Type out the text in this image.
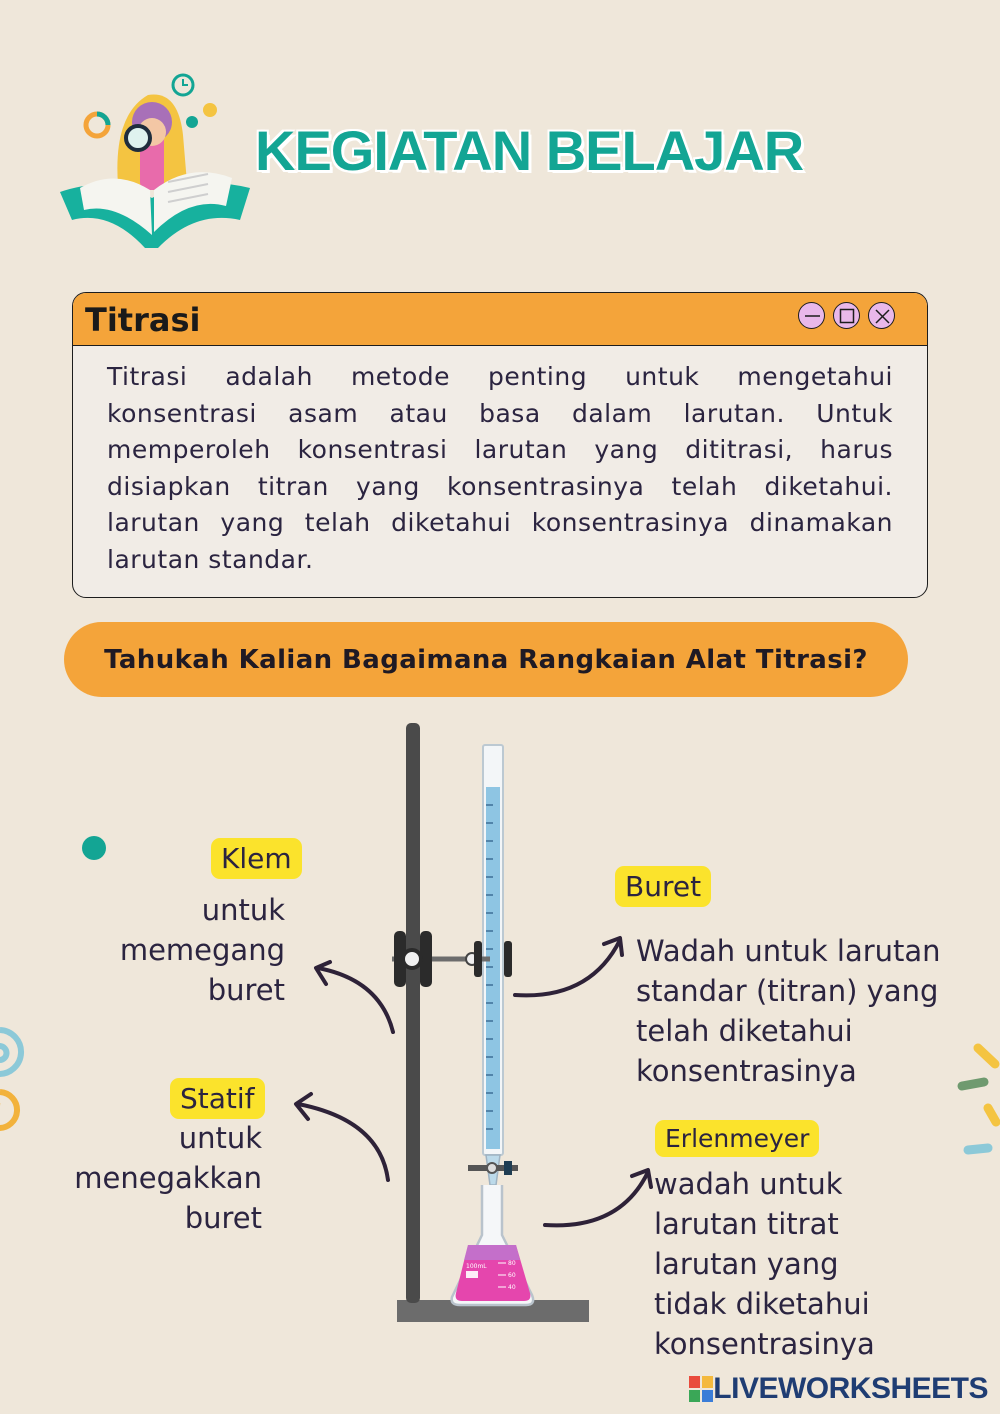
KEGIATAN BELAJAR
Titrasi
Titrasi adalah metode penting untuk mengetahui konsentrasi asam atau basa dalam larutan. Untuk memperoleh konsentrasi larutan yang dititrasi, harus disiapkan titran yang konsentrasinya telah diketahui. larutan yang telah diketahui konsentrasinya dinamakan larutan standar.
Tahukah Kalian Bagaimana Rangkaian Alat Titrasi?
100mL	80
60
40
Klem
untuk
memegang
buret
Statif
untuk
menegakkan
buret
Buret
Wadah untuk larutan
standar (titran) yang
telah diketahui
konsentrasinya
Erlenmeyer
wadah untuk
larutan titrat
larutan yang
tidak diketahui
konsentrasinya
LIVEWORKSHEETS
